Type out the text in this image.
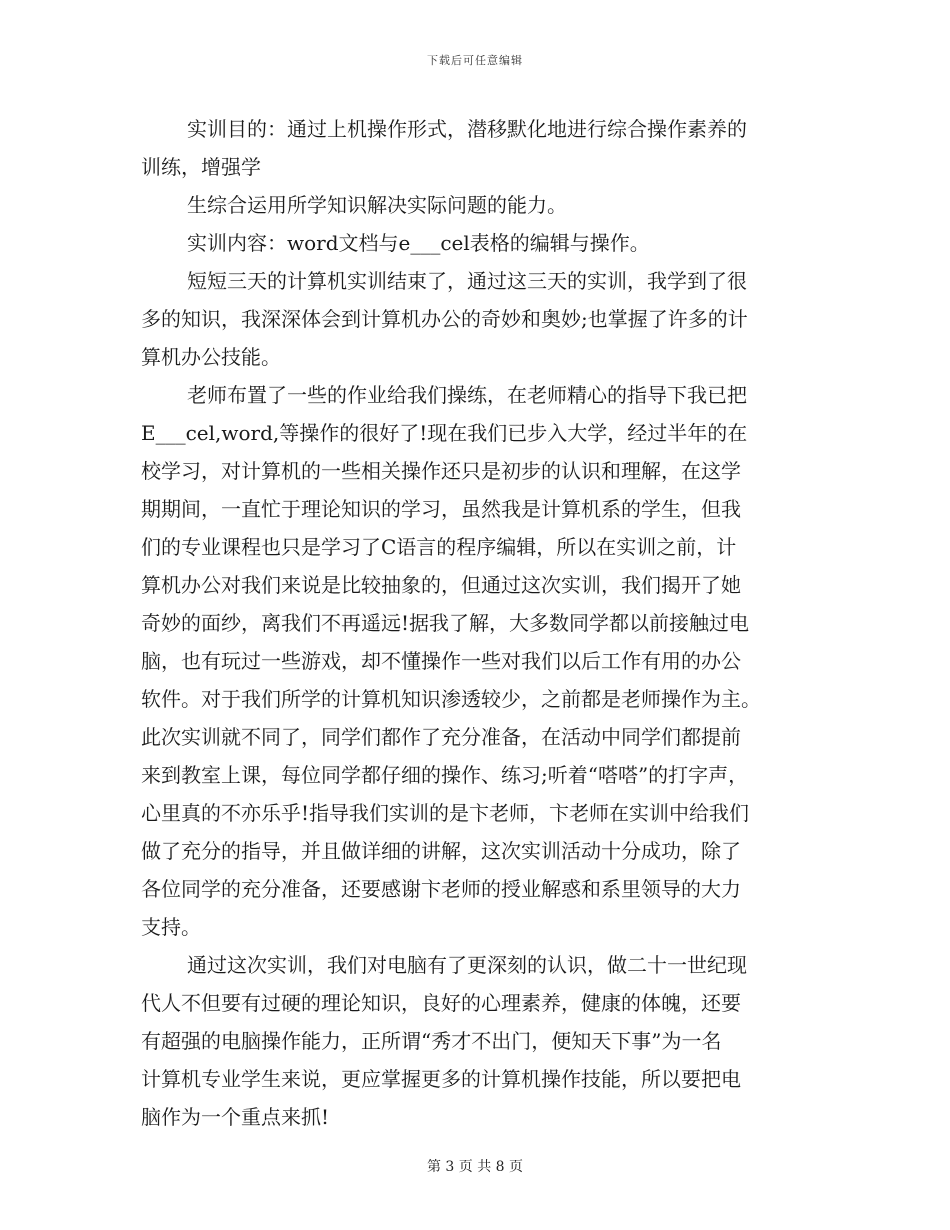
下载后可任意编辑
实训目的：通过上机操作形式，潜移默化地进行综合操作素养的
训练，增强学
生综合运用所学知识解决实际问题的能力。
实训内容：word文档与e___cel表格的编辑与操作。
短短三天的计算机实训结束了，通过这三天的实训，我学到了很
多的知识，我深深体会到计算机办公的奇妙和奥妙;也掌握了许多的计
算机办公技能。
老师布置了一些的作业给我们操练，在老师精心的指导下我已把
E___cel,word,等操作的很好了!现在我们已步入大学，经过半年的在
校学习，对计算机的一些相关操作还只是初步的认识和理解，在这学
期期间，一直忙于理论知识的学习，虽然我是计算机系的学生，但我
们的专业课程也只是学习了C语言的程序编辑，所以在实训之前，计
算机办公对我们来说是比较抽象的，但通过这次实训，我们揭开了她
奇妙的面纱，离我们不再遥远!据我了解，大多数同学都以前接触过电
脑，也有玩过一些游戏，却不懂操作一些对我们以后工作有用的办公
软件。对于我们所学的计算机知识渗透较少，之前都是老师操作为主。
此次实训就不同了，同学们都作了充分准备，在活动中同学们都提前
来到教室上课，每位同学都仔细的操作、练习;听着“嗒嗒”的打字声，
心里真的不亦乐乎!指导我们实训的是卞老师，卞老师在实训中给我们
做了充分的指导，并且做详细的讲解，这次实训活动十分成功，除了
各位同学的充分准备，还要感谢卞老师的授业解惑和系里领导的大力
支持。
通过这次实训，我们对电脑有了更深刻的认识，做二十一世纪现
代人不但要有过硬的理论知识，良好的心理素养，健康的体魄，还要
有超强的电脑操作能力，正所谓“秀才不出门，便知天下事”为一名
计算机专业学生来说，更应掌握更多的计算机操作技能，所以要把电
脑作为一个重点来抓!
第 3 页 共 8 页
